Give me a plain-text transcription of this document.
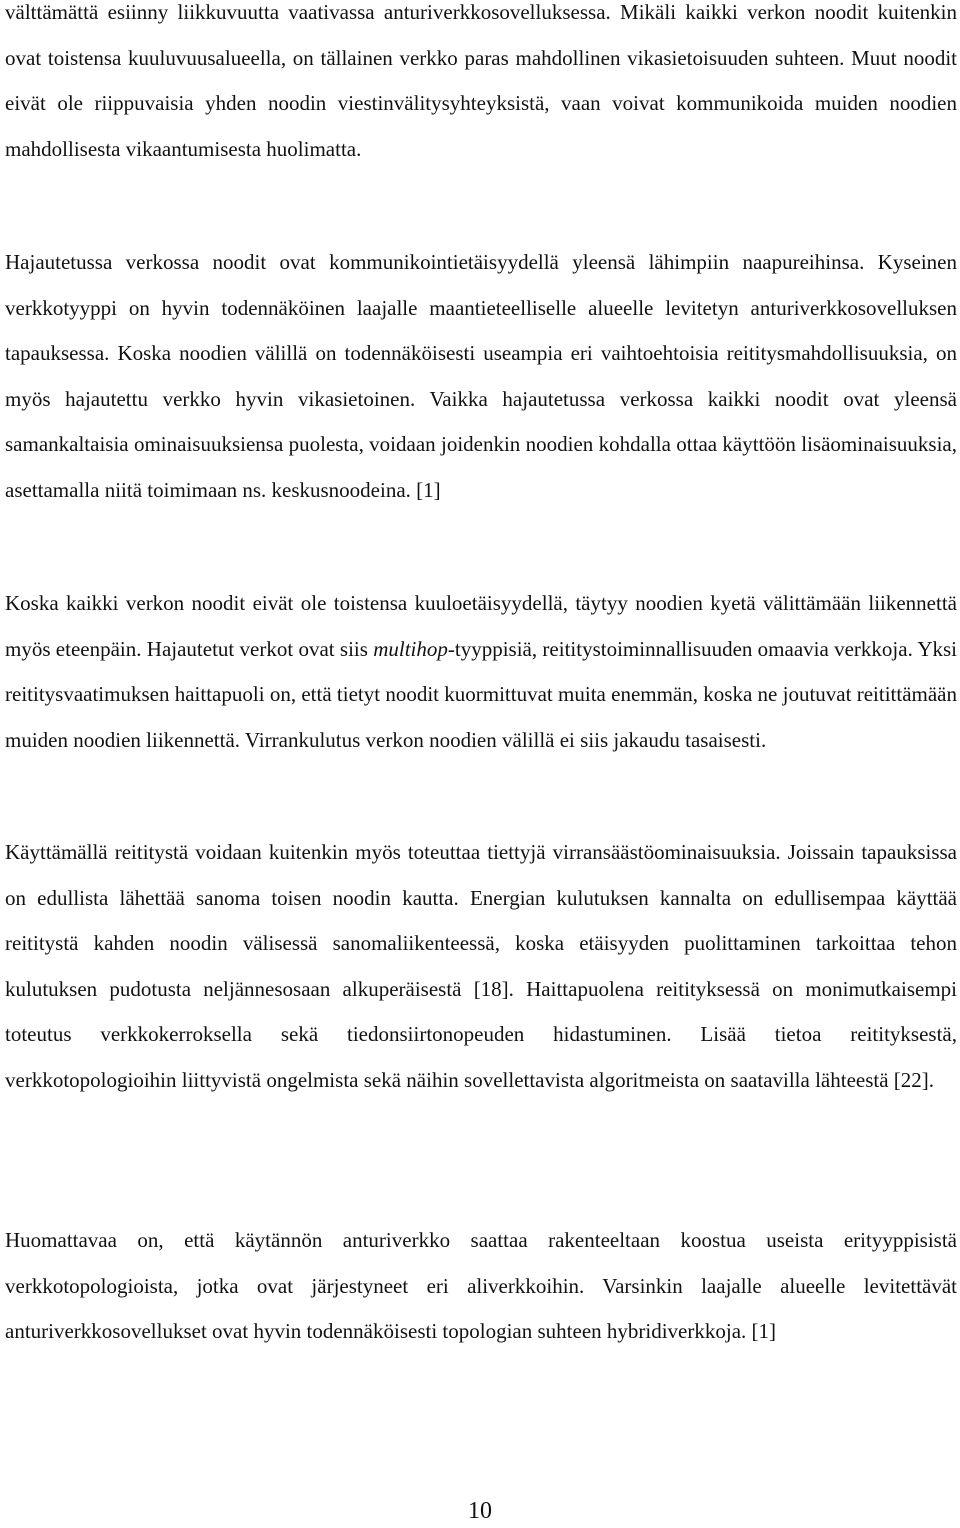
välttämättä esiinny liikkuvuutta vaativassa anturiverkkosovelluksessa. Mikäli kaikki verkon noodit kuitenkin ovat toistensa kuuluvuusalueella, on tällainen verkko paras mahdollinen vikasietoisuuden suhteen. Muut noodit eivät ole riippuvaisia yhden noodin viestinvälitysyhteyksistä, vaan voivat kommunikoida muiden noodien mahdollisesta vikaantumisesta huolimatta.

Hajautetussa verkossa noodit ovat kommunikointietäisyydellä yleensä lähimpiin naapureihinsa. Kyseinen verkkotyyppi on hyvin todennäköinen laajalle maantieteelliselle alueelle levitetyn anturiverkkosovelluksen tapauksessa. Koska noodien välillä on todennäköisesti useampia eri vaihtoehtoisia reititysmahdollisuuksia, on myös hajautettu verkko hyvin vikasietoinen. Vaikka hajautetussa verkossa kaikki noodit ovat yleensä samankaltaisia ominaisuuksiensa puolesta, voidaan joidenkin noodien kohdalla ottaa käyttöön lisäominaisuuksia, asettamalla niitä toimimaan ns. keskusnoodeina. [1]

Koska kaikki verkon noodit eivät ole toistensa kuuloetäisyydellä, täytyy noodien kyetä välittämään liikennettä myös eteenpäin. Hajautetut verkot ovat siis multihop-tyyppisiä, reititystoiminnallisuuden omaavia verkkoja. Yksi reititysvaatimuksen haittapuoli on, että tietyt noodit kuormittuvat muita enemmän, koska ne joutuvat reitittämään muiden noodien liikennettä. Virrankulutus verkon noodien välillä ei siis jakaudu tasaisesti.

Käyttämällä reititystä voidaan kuitenkin myös toteuttaa tiettyjä virransäästöominaisuuksia. Joissain tapauksissa on edullista lähettää sanoma toisen noodin kautta. Energian kulutuksen kannalta on edullisempaa käyttää reititystä kahden noodin välisessä sanomaliikenteessä, koska etäisyyden puolittaminen tarkoittaa tehon kulutuksen pudotusta neljännesosaan alkuperäisestä [18]. Haittapuolena reitityksessä on monimutkaisempi toteutus verkkokerroksella sekä tiedonsiirtonopeuden hidastuminen. Lisää tietoa reitityksestä, verkkotopologioihin liittyvistä ongelmista sekä näihin sovellettavista algoritmeista on saatavilla lähteestä [22].

Huomattavaa on, että käytännön anturiverkko saattaa rakenteeltaan koostua useista erityyppisistä verkkotopologioista, jotka ovat järjestyneet eri aliverkkoihin. Varsinkin laajalle alueelle levitettävät anturiverkkosovellukset ovat hyvin todennäköisesti topologian suhteen hybridiverkkoja. [1]

10
